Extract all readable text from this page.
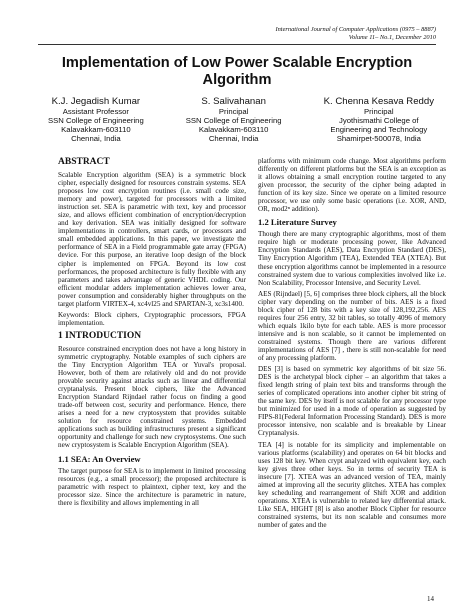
International Journal of Computer Applications (0975 – 8887)
Volume 11– No.1, December 2010
Implementation of Low Power Scalable Encryption
Algorithm
K.J. Jegadish Kumar
Assistant Professor
SSN College of Engineering
Kalavakkam-603110
Chennai, India
S. Salivahanan
Principal
SSN College of Engineering
Kalavakkam-603110
Chennai, India
K. Chenna Kesava Reddy
Principal
Jyothismathi College of
Engineering and Technology
Shamirpet-500078, India
ABSTRACT

Scalable Encryption algorithm (SEA) is a symmetric block cipher, especially designed for resources constrain systems. SEA proposes low cost encryption routines (i.e. small code size, memory and power), targeted for processors with a limited instruction set. SEA is parametric with text, key and processor size, and allows efficient combination of encryption/decryption and key derivation. SEA was initially designed for software implementations in controllers, smart cards, or processors and small embedded applications. In this paper, we investigate the performance of SEA in a Field programmable gate array (FPGA) device. For this purpose, an iterative loop design of the block cipher is implemented on FPGA. Beyond its low cost performances, the proposed architecture is fully flexible with any parameters and takes advantage of generic VHDL coding. Our efficient modular adders implementation achieves lower area, power consumption and considerably higher throughputs on the target platform VIRTEX-4, xc4vl25 and SPARTAN-3, xc3s1400.

Keywords: Block ciphers, Cryptographic processors, FPGA implementation.

1 INTRODUCTION

Resource constrained encryption does not have a long history in symmetric cryptography. Notable examples of such ciphers are the Tiny Encryption Algorithm TEA or Yuval's proposal. However, both of them are relatively old and do not provide provable security against attacks such as linear and differential cryptanalysis. Present block ciphers, like the Advanced Encryption Standard Rijndael rather focus on finding a good trade-off between cost, security and performance. Hence, there arises a need for a new cryptosystem that provides suitable solution for resource constrained systems. Embedded applications such as building infrastructures present a significant opportunity and challenge for such new cryptosystems. One such new cryptosystem is Scalable Encryption Algorithm (SEA).

1.1 SEA: An Overview

The target purpose for SEA is to implement in limited processing resources (e.g., a small processor); the proposed architecture is parametric with respect to plaintext, cipher text, key and the processor size. Since the architecture is parametric in nature, there is flexibility and allows implementing in all

platforms with minimum code change. Most algorithms perform differently on different platforms but the SEA is an exception as it allows obtaining a small encryption routine targeted to any given processor, the security of the cipher being adapted in function of its key size. Since we operate on a limited resource processor, we use only some basic operations (i.e. XOR, AND, OR, mod2ⁿ addition).

1.2 Literature Survey

Though there are many cryptographic algorithms, most of them require high or moderate processing power, like Advanced Encryption Standards (AES), Data Encryption Standard (DES), Tiny Encryption Algorithm (TEA), Extended TEA (XTEA). But these encryption algorithms cannot be implemented in a resource constrained system due to various complexities involved like i.e. Non Scalability, Processor Intensive, and Security Level.

AES (Rijndael) [5, 6] comprises three block ciphers, all the block cipher vary depending on the number of bits. AES is a fixed block cipher of 128 bits with a key size of 128,192,256. AES requires four 256 entry, 32 bit tables, so totally 4096 of memory which equals 1kilo byte for each table. AES is more processor intensive and is non scalable, so it cannot be implemented on constrained systems. Though there are various different implementations of AES [7] , there is still non-scalable for need of any processing platform.

DES [3] is based on symmetric key algorithms of bit size 56. DES is the archetypal block cipher – an algorithm that takes a fixed length string of plain text bits and transforms through the series of complicated operations into another cipher bit string of the same key. DES by itself is not scalable for any processor type but minimized for used in a mode of operation as suggested by FIPS-81(Federal Information Processing Standard). DES is more processor intensive, non scalable and is breakable by Linear Cryptanalysis.

TEA [4] is notable for its simplicity and implementable on various platforms (scalability) and operates on 64 bit blocks and uses 128 bit key. When crypt analyzed with equivalent key, each key gives three other keys. So in terms of security TEA is insecure [7]. XTEA was an advanced version of TEA, mainly aimed at improving all the security glitches. XTEA has complex key scheduling and rearrangement of Shift XOR and addition operations. XTEA is vulnerable to related key differential attack. Like SEA, HIGHT [8] is also another Block Cipher for resource constrained systems, but its non scalable and consumes more number of gates and the

14
